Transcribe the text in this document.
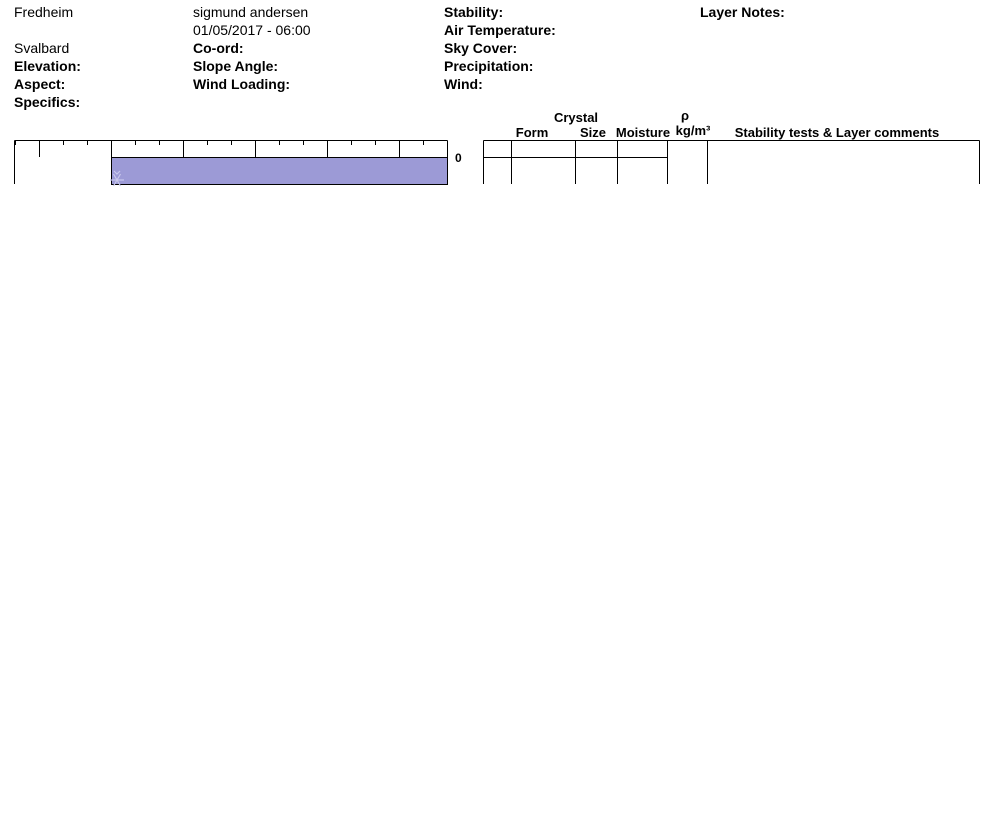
Fredheim
Svalbard
Elevation:
Aspect:
Specifics:
sigmund andersen
01/05/2017 - 06:00
Co-ord:
Slope Angle:
Wind Loading:
Stability:
Air Temperature:
Sky Cover:
Precipitation:
Wind:
Layer Notes:
Crystal
Form	Size Moisture
ρ
kg/m³	Stability tests & Layer comments
0
